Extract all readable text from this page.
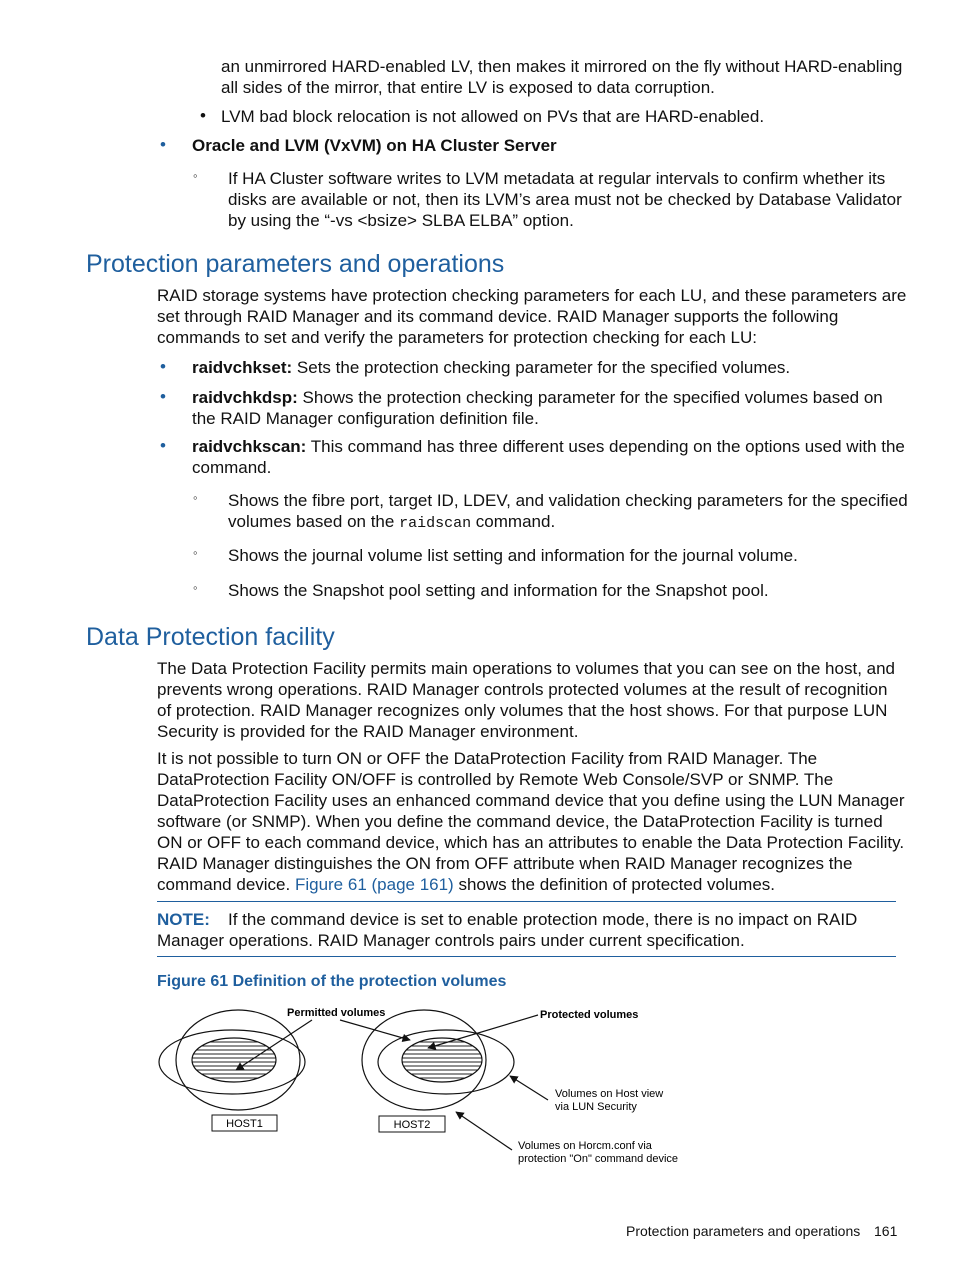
an unmirrored HARD-enabled LV, then makes it mirrored on the fly without HARD-enabling
all sides of the mirror, that entire LV is exposed to data corruption.
• LVM bad block relocation is not allowed on PVs that are HARD-enabled.
• Oracle and LVM (VxVM) on HA Cluster Server
◦ If HA Cluster software writes to LVM metadata at regular intervals to confirm whether its
disks are available or not, then its LVM’s area must not be checked by Database Validator
by using the “-vs <bsize> SLBA ELBA” option.
Protection parameters and operations
RAID storage systems have protection checking parameters for each LU, and these parameters are
set through RAID Manager and its command device. RAID Manager supports the following
commands to set and verify the parameters for protection checking for each LU:
• raidvchkset: Sets the protection checking parameter for the specified volumes.
• raidvchkdsp: Shows the protection checking parameter for the specified volumes based on
the RAID Manager configuration definition file.
• raidvchkscan: This command has three different uses depending on the options used with the
command.
◦ Shows the fibre port, target ID, LDEV, and validation checking parameters for the specified
volumes based on the raidscan command.
◦ Shows the journal volume list setting and information for the journal volume.
◦ Shows the Snapshot pool setting and information for the Snapshot pool.
Data Protection facility
The Data Protection Facility permits main operations to volumes that you can see on the host, and
prevents wrong operations. RAID Manager controls protected volumes at the result of recognition
of protection. RAID Manager recognizes only volumes that the host shows. For that purpose LUN
Security is provided for the RAID Manager environment.
It is not possible to turn ON or OFF the DataProtection Facility from RAID Manager. The
DataProtection Facility ON/OFF is controlled by Remote Web Console/SVP or SNMP. The
DataProtection Facility uses an enhanced command device that you define using the LUN Manager
software (or SNMP). When you define the command device, the DataProtection Facility is turned
ON or OFF to each command device, which has an attributes to enable the Data Protection Facility.
RAID Manager distinguishes the ON from OFF attribute when RAID Manager recognizes the
command device. Figure 61 (page 161) shows the definition of protected volumes.
NOTE: If the command device is set to enable protection mode, there is no impact on RAID
Manager operations. RAID Manager controls pairs under current specification.
Figure 61 Definition of the protection volumes
HOST1	HOST2
Permitted volumes	Protected volumes
Volumes on Host view
via LUN Security
Volumes on Horcm.conf via
protection "On" command device
Protection parameters and operations 161
